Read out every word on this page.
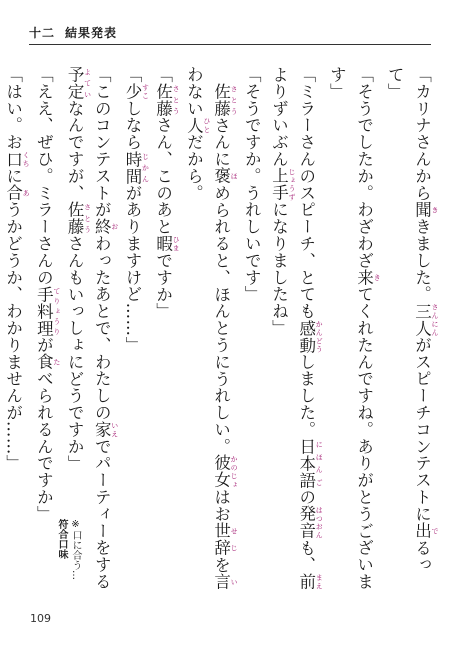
十二 結果発表

「カリナさんから聞 ききました。三人 さんにんがスピーチコンテストに出 でるって」

「そうでしたか。わざわざ来 きてくれたんですね。ありがとうございます」

「ミラーさんのスピーチ、とても感動 かんどうしました。日本語 にほんごの発音 はつおんも、前 まえよりずいぶん上手 じょうずになりましたね」

「そうですか。うれしいです」

佐藤 さとうさんに褒 ほめられると、ほんとうにうれしい。彼女 かのじょはお世辞 せじを言 いわない人 ひとだから。

「佐藤 さとうさん、このあと暇 ひまですか」

「少 すこしなら時間 じかんがありますけど……」

「このコンテストが終 おわったあとで、わたしの家 いえでパーティーをする予定 よていなんですが、佐藤 さとうさんもいっしょにどうですか」

「ええ、ぜひ。ミラーさんの手料理 てりょうりが食 たべられるんですか」

「はい。お口 くちに合 あうかどうか、わかりませんが……」

※口に合う…
符合口味
109
